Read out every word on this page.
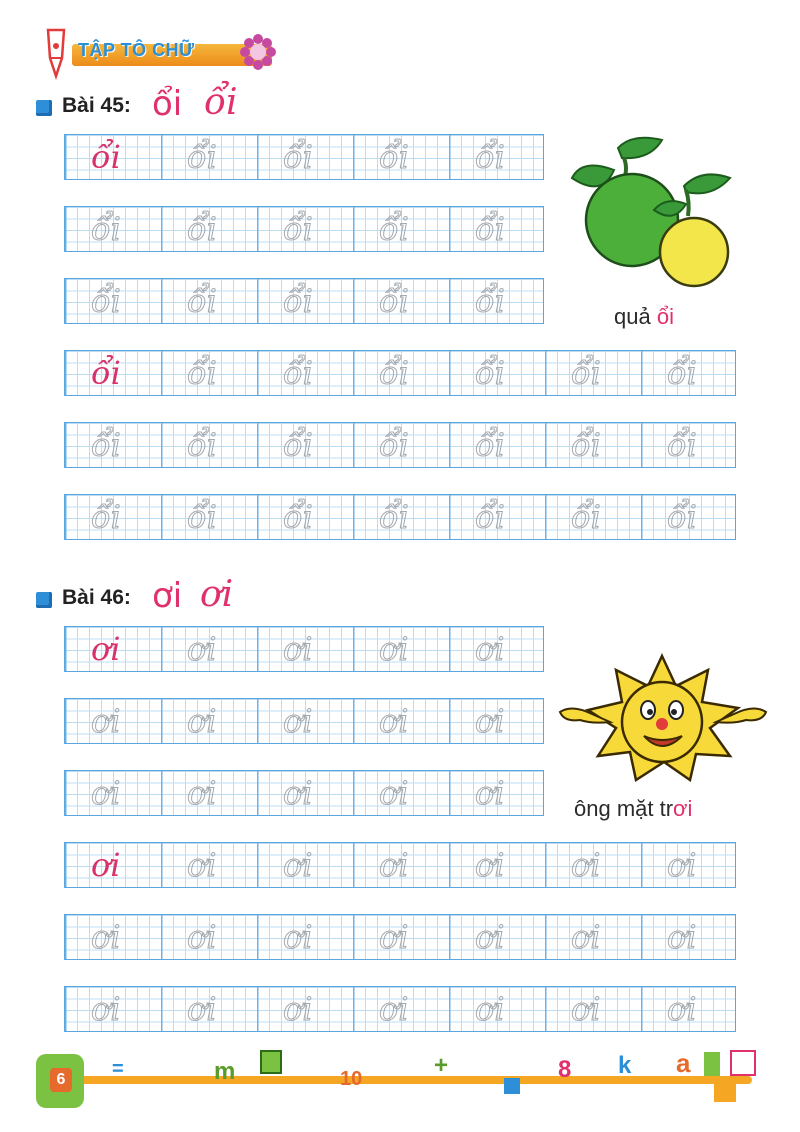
TẬP TÔ CHỮ
Bài 45: ổi ổi
ổi ổi ổi ổi ổi
ổi ổi ổi ổi ổi
ổi ổi ổi ổi ổi
ổi ổi ổi ổi ổi ổi ổi
ổi ổi ổi ổi ổi ổi ổi
ổi ổi ổi ổi ổi ổi ổi
quả ổi
Bài 46: ơi ơi
ơi ơi ơi ơi ơi
ơi ơi ơi ơi ơi
ơi ơi ơi ơi ơi
ơi ơi ơi ơi ơi ơi ơi
ơi ơi ơi ơi ơi ơi ơi
ơi ơi ơi ơi ơi ơi ơi
ông mặt trơi
6	=	m	10	+	8 k a
